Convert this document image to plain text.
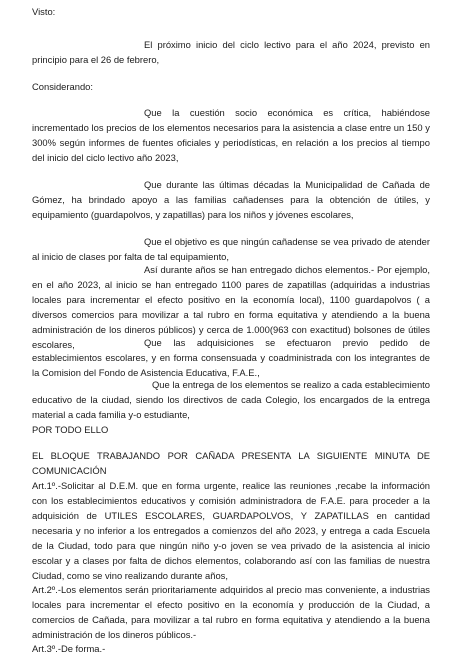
Visto:

El próximo inicio del ciclo lectivo para el año 2024, previsto en principio para el 26 de febrero,

Considerando:

Que la cuestión socio económica es crítica, habiéndose incrementado los precios de los elementos necesarios para la asistencia a clase entre un 150 y 300% según informes de fuentes oficiales y periodísticas, en relación a los precios al tiempo del inicio del ciclo lectivo año 2023,

Que durante las últimas décadas la Municipalidad de Cañada de Gómez, ha brindado apoyo a las familias cañadenses para la obtención de útiles, y equipamiento (guardapolvos, y zapatillas) para los niños y jóvenes escolares,

Que el objetivo es que ningún cañadense se vea privado de atender al inicio de clases por falta de tal equipamiento,

Así durante años se han entregado dichos elementos.- Por ejemplo, en el año 2023, al inicio se han entregado 1100 pares de zapatillas (adquiridas a industrias locales para incrementar el efecto positivo en la economía local), 1100 guardapolvos ( a diversos comercios para movilizar a tal rubro en forma equitativa y atendiendo a la buena administración de los dineros públicos) y cerca de 1.000(963 con exactitud) bolsones de útiles escolares,	Que las adquisiciones se efectuaron previo pedido de establecimientos escolares, y en forma consensuada y coadministrada con los integrantes de la Comision del Fondo de Asistencia Educativa, F.A.E.,

Que la entrega de los elementos se realizo a cada establecimiento educativo de la ciudad, siendo los directivos de cada Colegio, los encargados de la entrega material a cada familia y-o estudiante,

POR TODO ELLO

EL BLOQUE TRABAJANDO POR CAÑADA PRESENTA LA SIGUIENTE MINUTA DE COMUNICACIÓN

Art.1º.-Solicitar al D.E.M. que en forma urgente, realice las reuniones ,recabe la información con los establecimientos educativos y comisión administradora de F.A.E. para proceder a la adquisición de UTILES ESCOLARES, GUARDAPOLVOS, Y ZAPATILLAS en cantidad necesaria y no inferior a los entregados a comienzos del año 2023, y entrega a cada Escuela de la Ciudad, todo para que ningún niño y-o joven se vea privado de la asistencia al inicio escolar y a clases por falta de dichos elementos, colaborando así con las familias de nuestra Ciudad, como se vino realizando durante años,

Art.2º.-Los elementos serán prioritariamente adquiridos al precio mas conveniente, a industrias locales para incrementar el efecto positivo en la economía y producción de la Ciudad, a comercios de Cañada, para movilizar a tal rubro en forma equitativa y atendiendo a la buena administración de los dineros públicos.-

Art.3º.-De forma.-
